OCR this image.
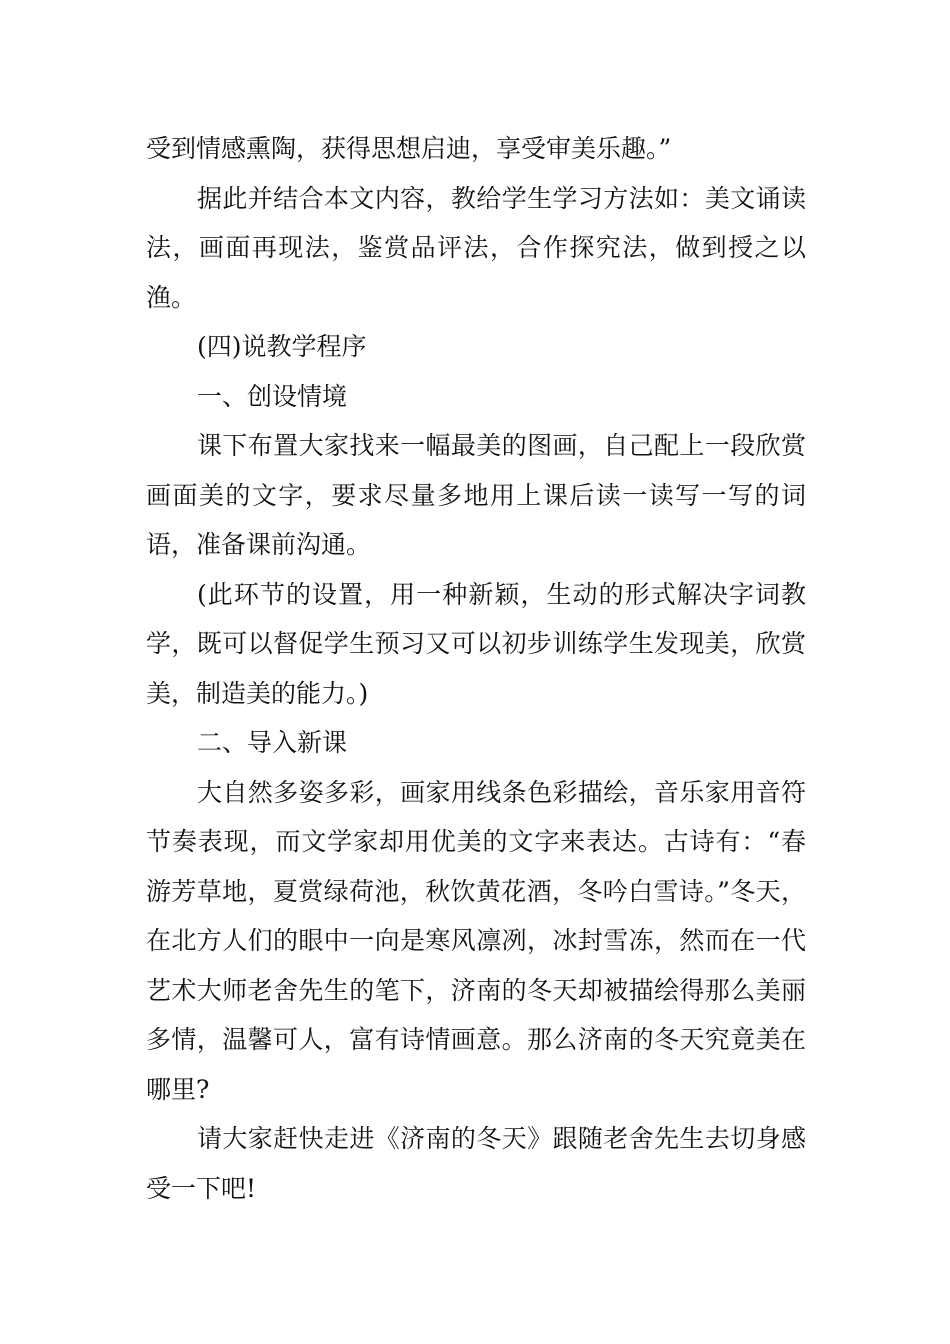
受到情感熏陶，获得思想启迪，享受审美乐趣。”

据此并结合本文内容，教给学生学习方法如：美文诵读法，画面再现法，鉴赏品评法，合作探究法，做到授之以渔。

(四)说教学程序

一、创设情境

课下布置大家找来一幅最美的图画，自己配上一段欣赏画面美的文字，要求尽量多地用上课后读一读写一写的词语，准备课前沟通。

(此环节的设置，用一种新颖，生动的形式解决字词教学，既可以督促学生预习又可以初步训练学生发现美，欣赏美，制造美的能力。)

二、导入新课

大自然多姿多彩，画家用线条色彩描绘，音乐家用音符节奏表现，而文学家却用优美的文字来表达。古诗有：“春游芳草地，夏赏绿荷池，秋饮黄花酒，冬吟白雪诗。”冬天，在北方人们的眼中一向是寒风凛冽，冰封雪冻，然而在一代艺术大师老舍先生的笔下，济南的冬天却被描绘得那么美丽多情，温馨可人，富有诗情画意。那么济南的冬天究竟美在哪里?

请大家赶快走进《济南的冬天》跟随老舍先生去切身感受一下吧!
